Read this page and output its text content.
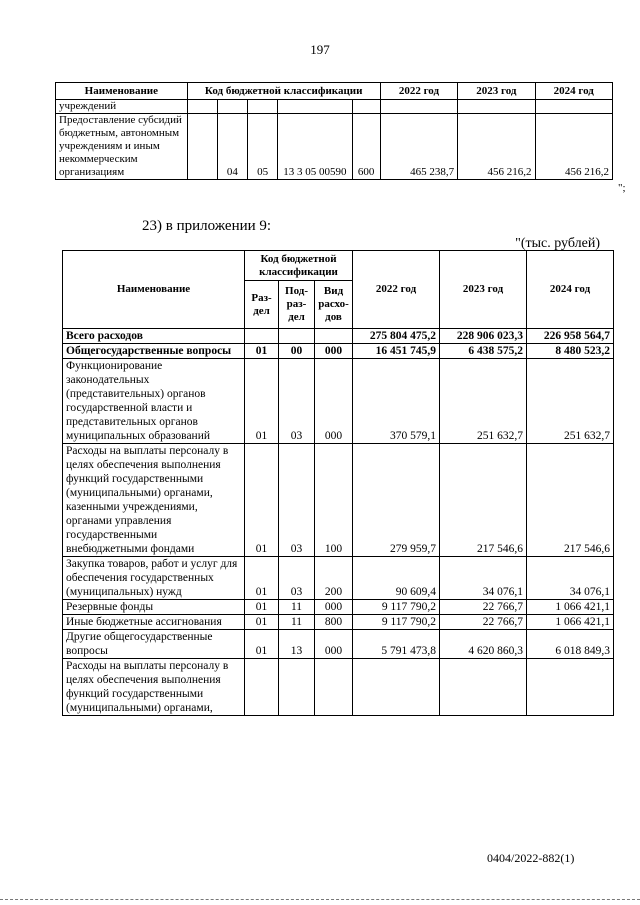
197
Наименование	Код бюджетной классификации					2022 год	2023 год	2024 год
учреждений								
Предоставление субсидий бюджетным, автономным учреждениям и иным некоммерческим организациям		04	05	13 3 05 00590	600	465 238,7	456 216,2	456 216,2
";
23) в приложении 9:
"(тыс. рублей)
Наименование	Код бюджетной классификации			2022 год	2023 год	2024 год
	Раз- дел	Под- раз- дел	Вид расхо- дов			
Всего расходов				275 804 475,2	228 906 023,3	226 958 564,7
Общегосударственные вопросы	01	00	000	16 451 745,9	6 438 575,2	8 480 523,2
Функционирование законодательных (представительных) органов государственной власти и представительных органов муниципальных образований	01	03	000	370 579,1	251 632,7	251 632,7
Расходы на выплаты персоналу в целях обеспечения выполнения функций государственными (муниципальными) органами, казенными учреждениями, органами управления государственными внебюджетными фондами	01	03	100	279 959,7	217 546,6	217 546,6
Закупка товаров, работ и услуг для обеспечения государственных (муниципальных) нужд	01	03	200	90 609,4	34 076,1	34 076,1
Резервные фонды	01	11	000	9 117 790,2	22 766,7	1 066 421,1
Иные бюджетные ассигнования	01	11	800	9 117 790,2	22 766,7	1 066 421,1
Другие общегосударственные вопросы	01	13	000	5 791 473,8	4 620 860,3	6 018 849,3
Расходы на выплаты персоналу в целях обеспечения выполнения функций государственными (муниципальными) органами,						
0404/2022-882(1)
